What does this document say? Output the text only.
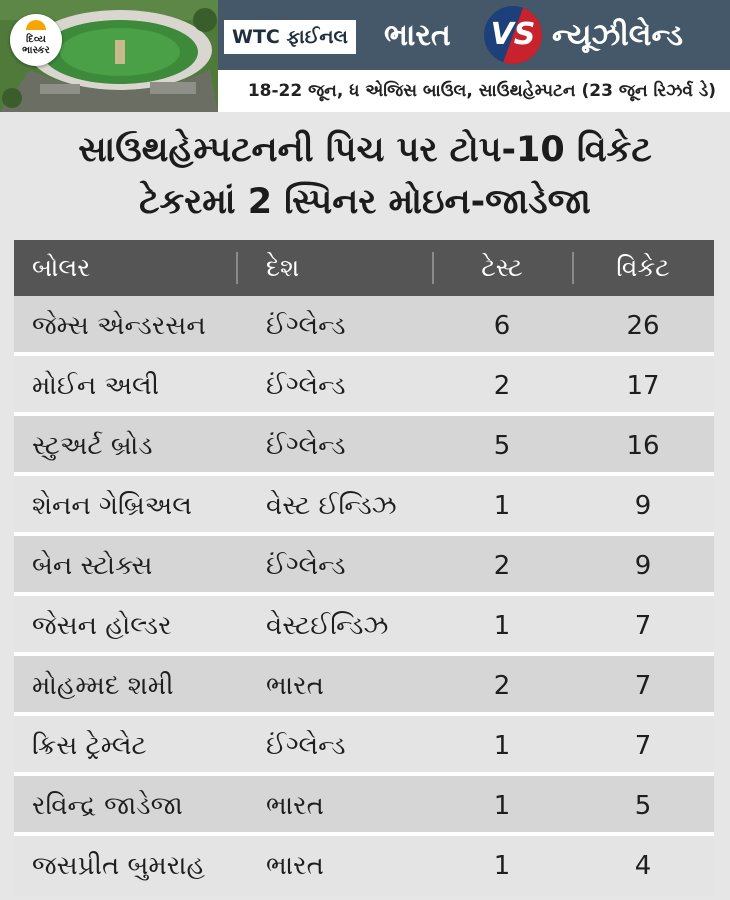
દિવ્ય
ભાસ્કર
WTC ફાઈનલ ભારત VS ન્યૂઝીલેન્ડ
18-22 જૂન, ધ એજિસ બાઉલ, સાઉથહેમ્પટન (23 જૂન રિઝર્વ ડે)
સાઉથહેમ્પટનની પિચ પર ટોપ-10 વિકેટ
ટેકરમાં 2 સ્પિનર મોઇન-જાડેજા
બોલર	દેશ	ટેસ્ટ	વિકેટ
જેમ્સ એન્ડરસન	ઈંગ્લેન્ડ	6	26
મોઈન અલી	ઈંગ્લેન્ડ	2	17
સ્ટુઅર્ટ બ્રોડ	ઈંગ્લેન્ડ	5	16
શેનન ગેબ્રિઅલ	વેસ્ટ ઈન્ડિઝ	1	9
બેન સ્ટોક્સ	ઈંગ્લેન્ડ	2	9
જેસન હોલ્ડર	વેસ્ટઈન્ડિઝ	1	7
મોહમ્મદ શમી	ભારત	2	7
ક્રિસ ટ્રેમ્લેટ	ઈંગ્લેન્ડ	1	7
રવિન્દ્ર જાડેજા	ભારત	1	5
જસપ્રીત બુમરાહ	ભારત	1	4
